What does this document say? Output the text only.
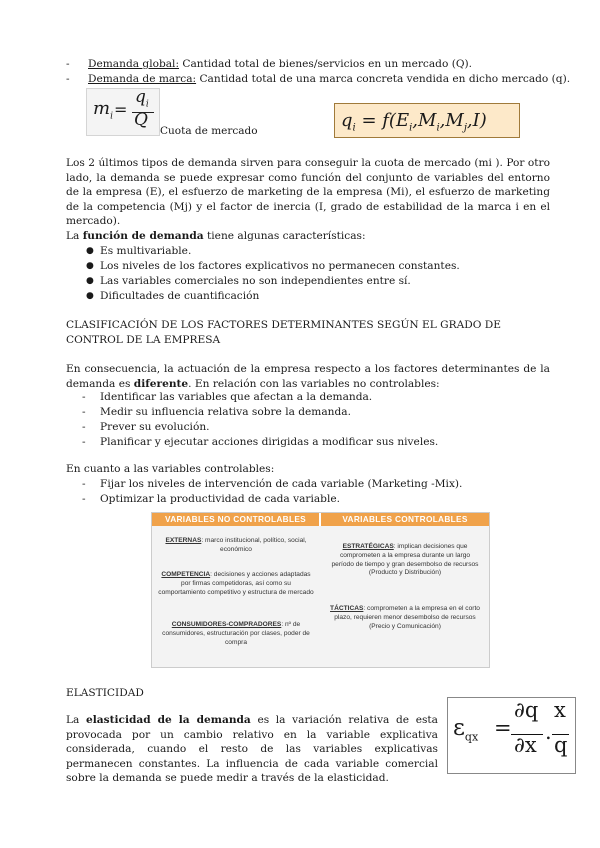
- Demanda global: Cantidad total de bienes/servicios en un mercado (Q).
- Demanda de marca: Cantidad total de una marca concreta vendida en dicho mercado (q).
$m_i$ =
$q_i$
Q
Cuota de mercado	$q_i = f(E_i,M_i,M_j,I)$
Los 2 últimos tipos de demanda sirven para conseguir la cuota de mercado (mi ). Por otro lado, la demanda se puede expresar como función del conjunto de variables del entorno de la empresa (E), el esfuerzo de marketing de la empresa (Mi), el esfuerzo de marketing de la competencia (Mj) y el factor de inercia (I, grado de estabilidad de la marca i en el mercado).
La función de demanda tiene algunas características:
● Es multivariable.
● Los niveles de los factores explicativos no permanecen constantes.
● Las variables comerciales no son independientes entre sí.
● Dificultades de cuantificación
CLASIFICACIÓN DE LOS FACTORES DETERMINANTES SEGÚN EL GRADO DE CONTROL DE LA EMPRESA
En consecuencia, la actuación de la empresa respecto a los factores determinantes de la demanda es diferente. En relación con las variables no controlables:
- Identificar las variables que afectan a la demanda.
- Medir su influencia relativa sobre la demanda.
- Prever su evolución.
- Planificar y ejecutar acciones dirigidas a modificar sus niveles.
En cuanto a las variables controlables:
- Fijar los niveles de intervención de cada variable (Marketing -Mix).
- Optimizar la productividad de cada variable.
VARIABLES NO CONTROLABLES	VARIABLES CONTROLABLES
EXTERNAS: marco institucional, político, social, económico
COMPETENCIA: decisiones y acciones adaptadas por firmas competidoras, así como su comportamiento competitivo y estructura de mercado
CONSUMIDORES-COMPRADORES: nº de consumidores, estructuración por clases, poder de compra
ESTRATÉGICAS: implican decisiones que comprometen a la empresa durante un largo período de tiempo y gran desembolso de recursos
(Producto y Distribución)
TÁCTICAS: comprometen a la empresa en el corto plazo, requieren menor desembolso de recursos
(Precio y Comunicación)
ELASTICIDAD
La elasticidad de la demanda es la variación relativa de esta provocada por un cambio relativo en la variable explicativa considerada, cuando el resto de las variables explicativas permanecen constantes. La influencia de cada variable comercial sobre la demanda se puede medir a través de la elasticidad.
$\varepsilon_{qx}$ =
∂q
∂x
.
x
q
